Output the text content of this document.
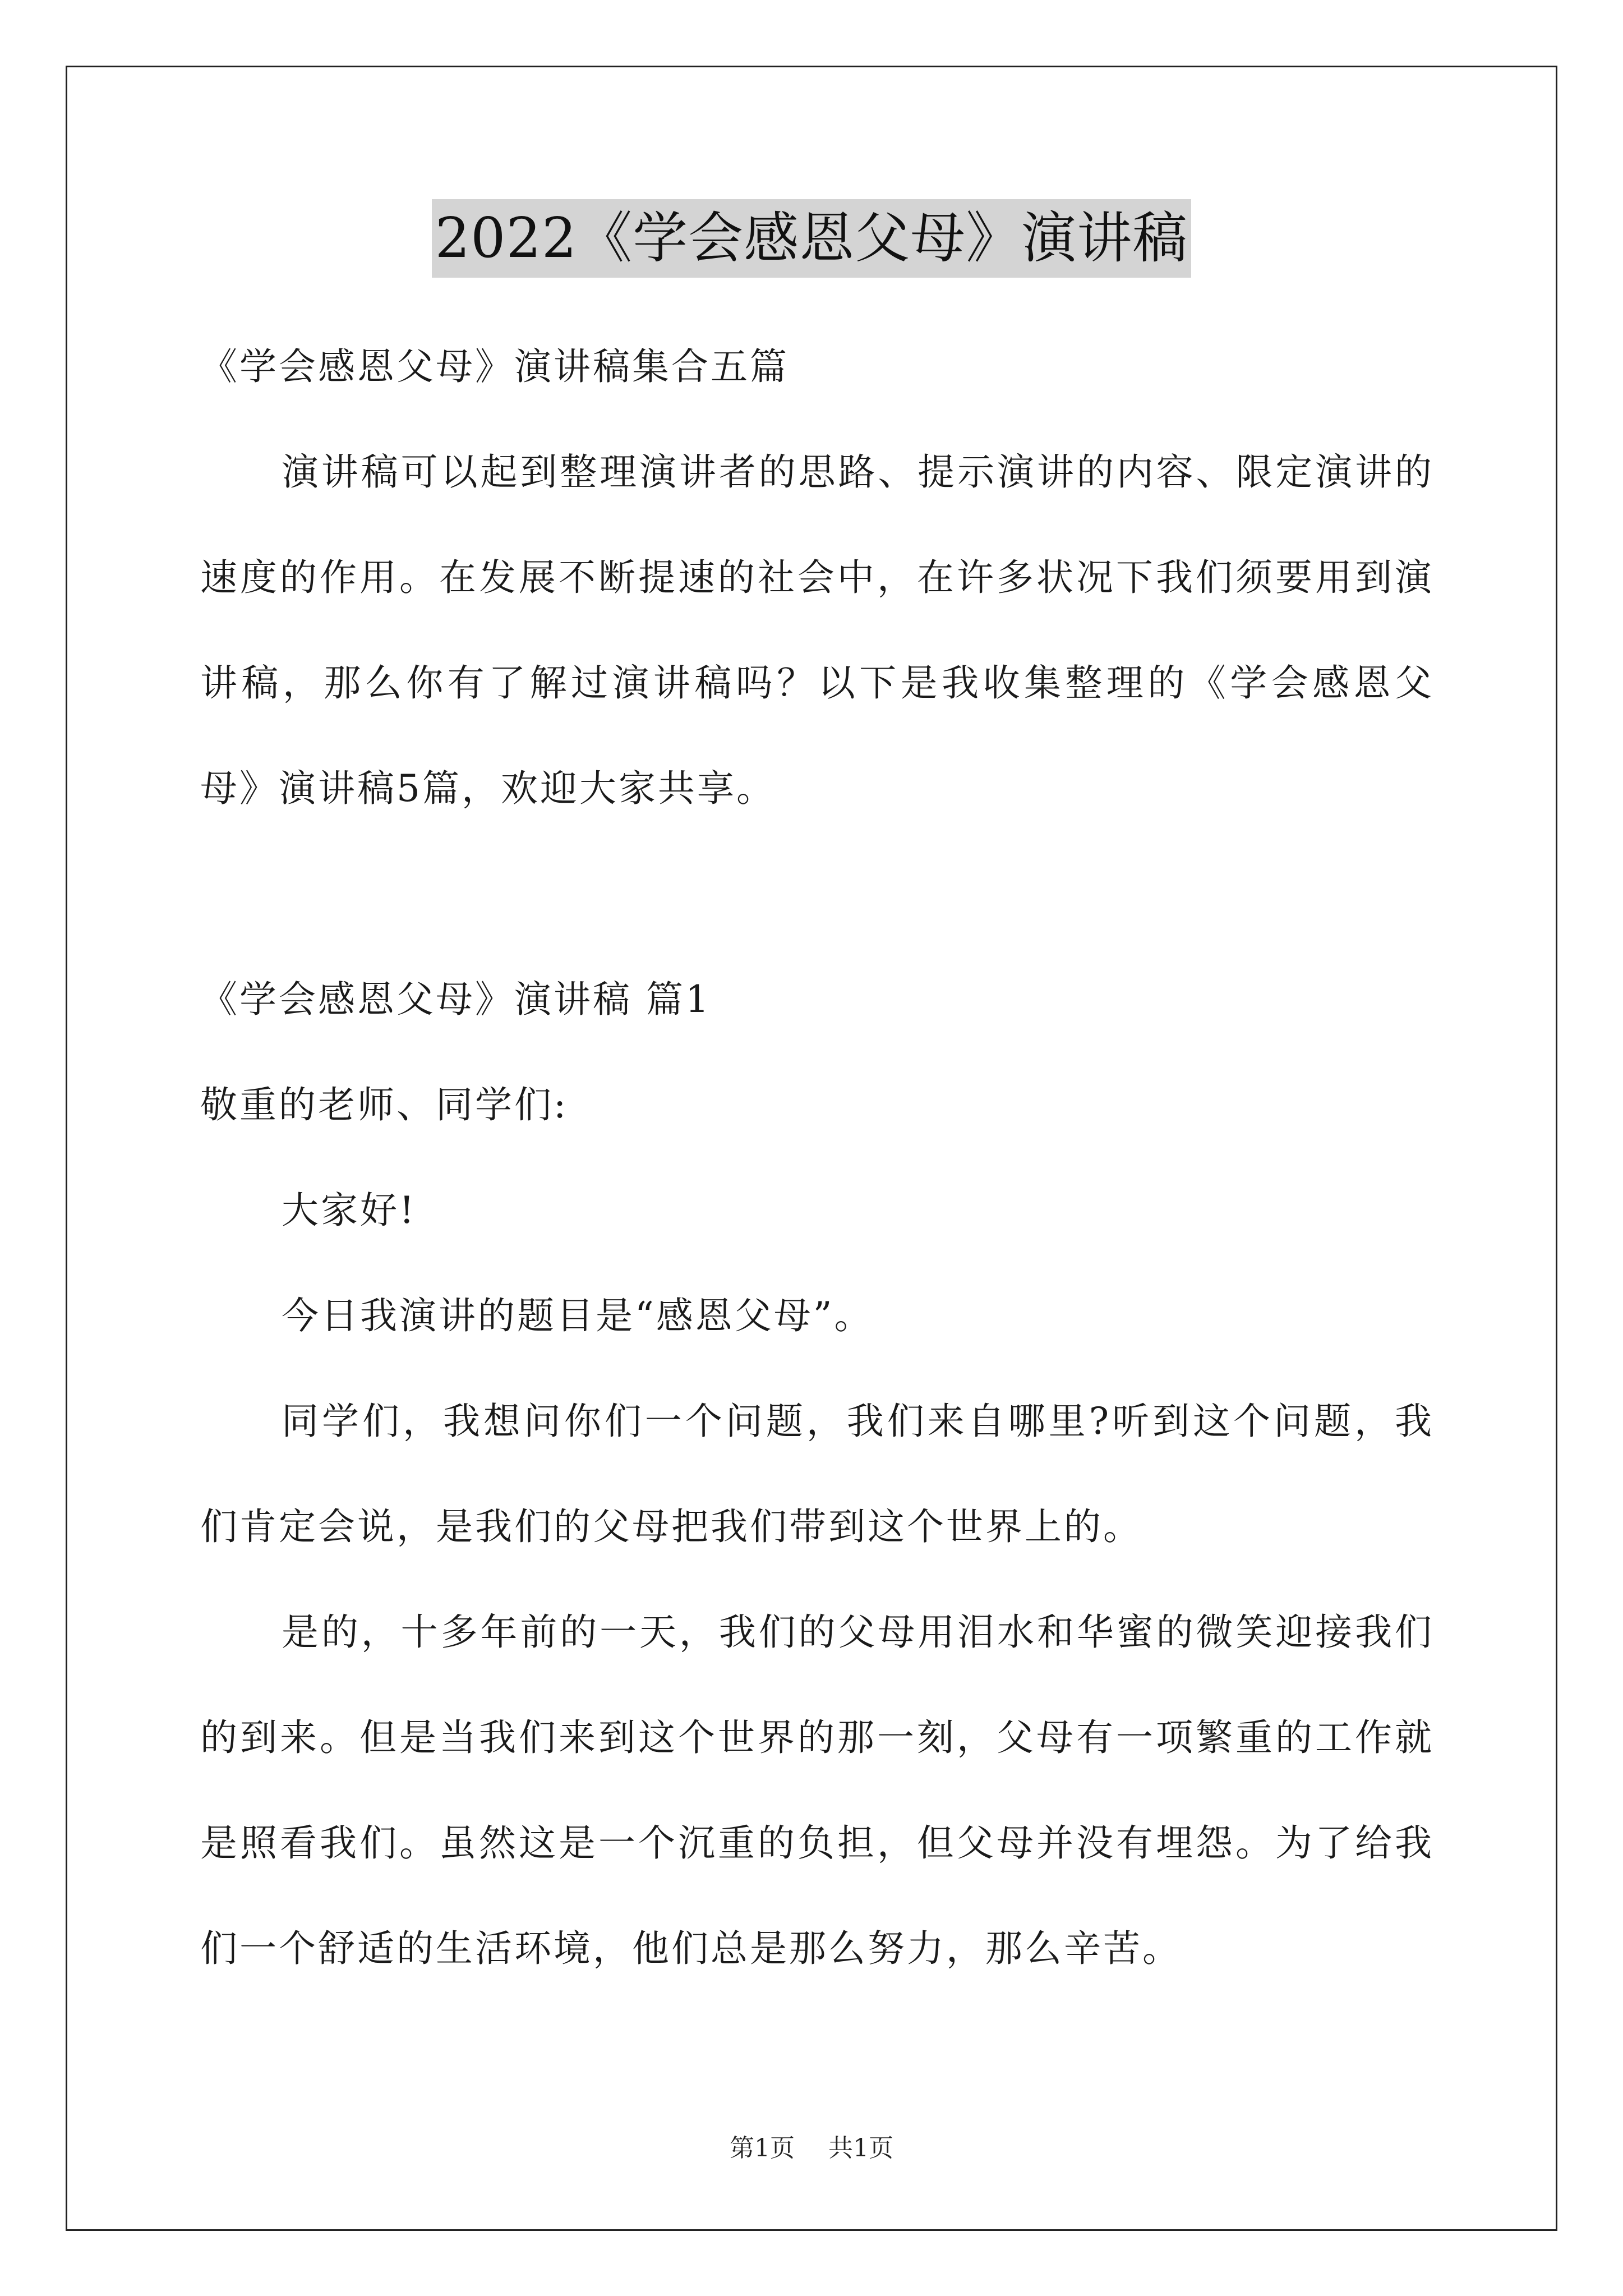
2022《学会感恩父母》演讲稿

《学会感恩父母》演讲稿集合五篇

演讲稿可以起到整理演讲者的思路、提示演讲的内容、限定演讲的速度的作用。在发展不断提速的社会中，在许多状况下我们须要用到演讲稿，那么你有了解过演讲稿吗？以下是我收集整理的《学会感恩父母》演讲稿5篇，欢迎大家共享。

《学会感恩父母》演讲稿 篇1

敬重的老师、同学们:

大家好!

今日我演讲的题目是“感恩父母”。

同学们，我想问你们一个问题，我们来自哪里?听到这个问题，我们肯定会说，是我们的父母把我们带到这个世界上的。

是的，十多年前的一天，我们的父母用泪水和华蜜的微笑迎接我们的到来。但是当我们来到这个世界的那一刻，父母有一项繁重的工作就是照看我们。虽然这是一个沉重的负担，但父母并没有埋怨。为了给我们一个舒适的生活环境，他们总是那么努力，那么辛苦。

第1页 共1页
